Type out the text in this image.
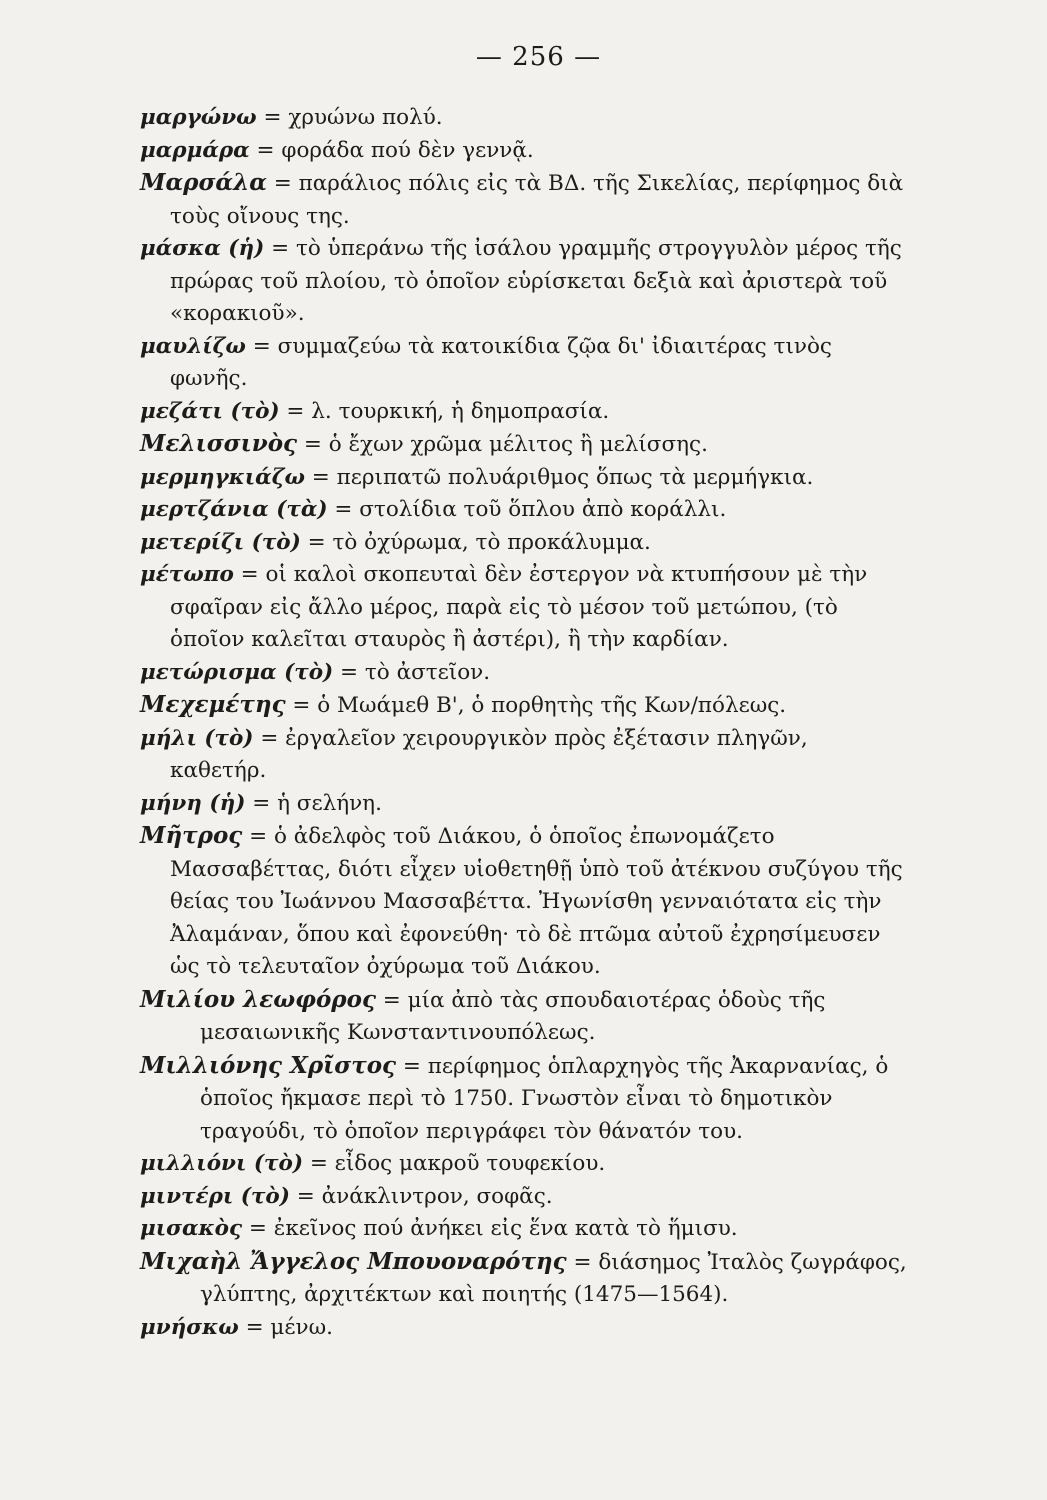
— 256 —

μαργώνω = χρυώνω πολύ.

μαρμάρα = φοράδα πού δὲν γεννᾷ.

Μαρσάλα = παράλιος πόλις εἰς τὰ ΒΔ. τῆς Σικελίας, περίφημος διὰ τοὺς οἴνους της.

μάσκα (ἡ) = τὸ ὑπεράνω τῆς ἰσάλου γραμμῆς στρογγυλὸν μέρος τῆς πρώρας τοῦ πλοίου, τὸ ὁποῖον εὑρίσκεται δεξιὰ καὶ ἀριστερὰ τοῦ «κορακιοῦ».

μαυλίζω = συμμαζεύω τὰ κατοικίδια ζῷα δι' ἰδιαιτέρας τινὸς φωνῆς.

μεζάτι (τὸ) = λ. τουρκική, ἡ δημοπρασία.

Μελισσινὸς = ὁ ἔχων χρῶμα μέλιτος ἢ μελίσσης.

μερμηγκιάζω = περιπατῶ πολυάριθμος ὅπως τὰ μερμήγκια.

μερτζάνια (τὰ) = στολίδια τοῦ ὅπλου ἀπὸ κοράλλι.

μετερίζι (τὸ) = τὸ ὀχύρωμα, τὸ προκάλυμμα.

μέτωπο = οἱ καλοὶ σκοπευταὶ δὲν ἐστεργον νὰ κτυπήσουν μὲ τὴν σφαῖραν εἰς ἄλλο μέρος, παρὰ εἰς τὸ μέσον τοῦ μετώπου, (τὸ ὁποῖον καλεῖται σταυρὸς ἢ ἀστέρι), ἢ τὴν καρδίαν.

μετώρισμα (τὸ) = τὸ ἀστεῖον.

Μεχεμέτης = ὁ Μωάμεθ Β', ὁ πορθητὴς τῆς Κων/πόλεως.

μήλι (τὸ) = ἐργαλεῖον χειρουργικὸν πρὸς ἐξέτασιν πληγῶν, καθετήρ.

μήνη (ἡ) = ἡ σελήνη.

Μῆτρος = ὁ ἀδελφὸς τοῦ Διάκου, ὁ ὁποῖος ἐπωνομάζετο Μασσαβέττας, διότι εἶχεν υἱοθετηθῇ ὑπὸ τοῦ ἀτέκνου συζύγου τῆς θείας του Ἰωάννου Μασσαβέττα. Ἠγωνίσθη γενναιότατα εἰς τὴν Ἀλαμάναν, ὅπου καὶ ἐφονεύθη· τὸ δὲ πτῶμα αὐτοῦ ἐχρησίμευσεν ὡς τὸ τελευταῖον ὀχύρωμα τοῦ Διάκου.

Μιλίου λεωφόρος = μία ἀπὸ τὰς σπουδαιοτέρας ὁδοὺς τῆς μεσαιωνικῆς Κωνσταντινουπόλεως.

Μιλλιόνης Χρῖστος = περίφημος ὁπλαρχηγὸς τῆς Ἀκαρνανίας, ὁ ὁποῖος ἤκμασε περὶ τὸ 1750. Γνωστὸν εἶναι τὸ δημοτικὸν τραγούδι, τὸ ὁποῖον περιγράφει τὸν θάνατόν του.

μιλλιόνι (τὸ) = εἶδος μακροῦ τουφεκίου.

μιντέρι (τὸ) = ἀνάκλιντρον, σοφᾶς.

μισακὸς = ἐκεῖνος πού ἀνήκει εἰς ἕνα κατὰ τὸ ἥμισυ.

Μιχαὴλ Ἄγγελος Μπουοναρότης = διάσημος Ἰταλὸς ζωγράφος, γλύπτης, ἀρχιτέκτων καὶ ποιητής (1475—1564).

μνήσκω = μένω.
